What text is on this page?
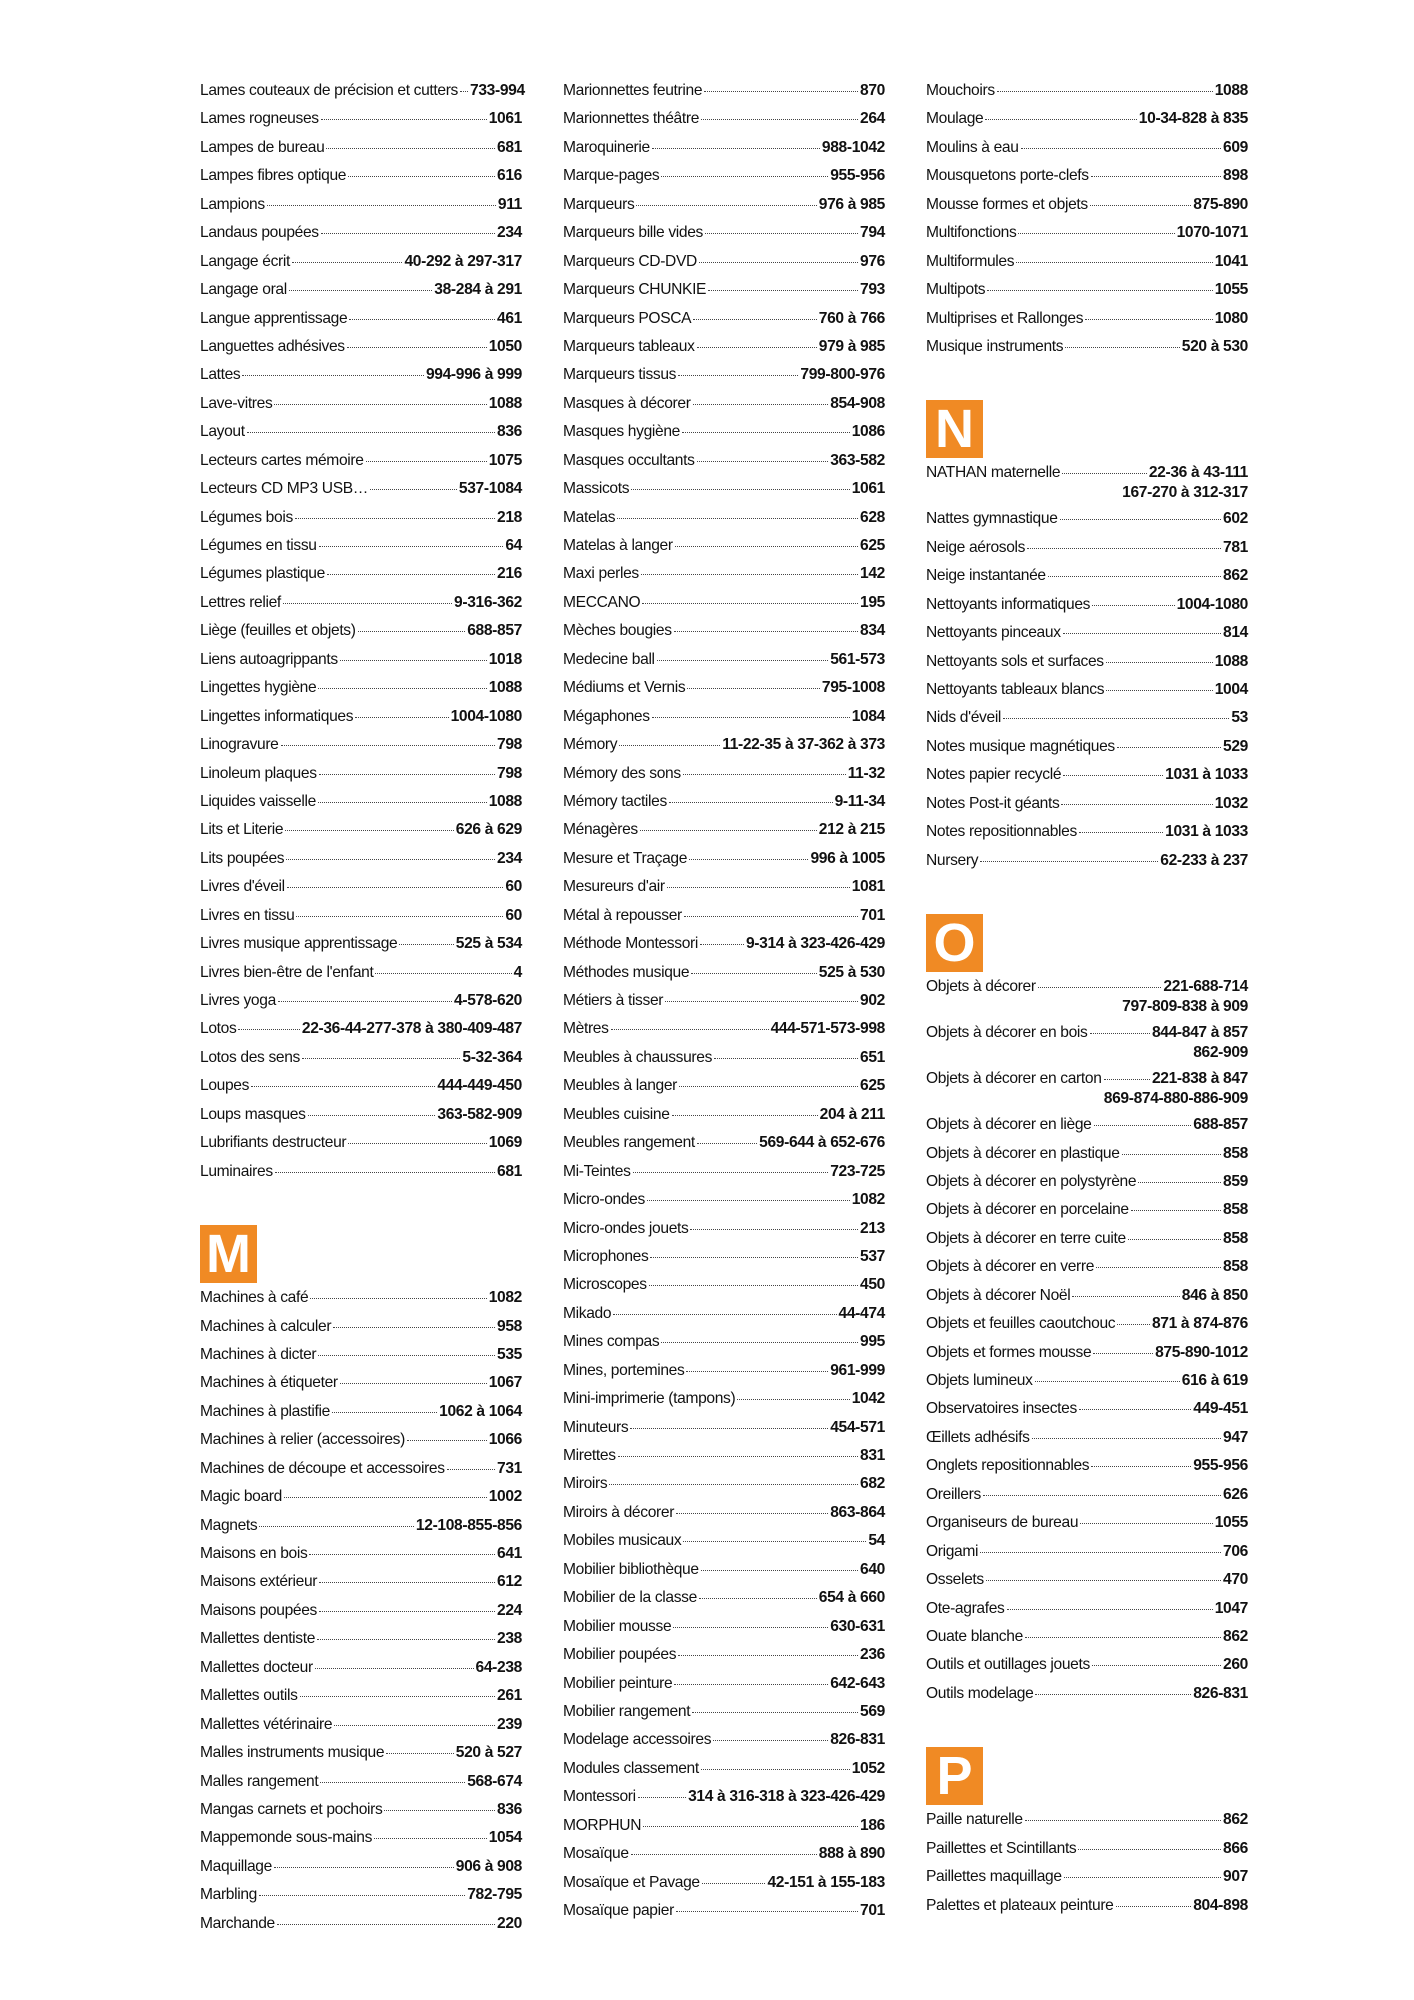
Lames couteaux de précision et cutters 733-994
Lames rogneuses	1061
Lampes de bureau	681
Lampes fibres optique	616
Lampions	911
Landaus poupées	234
Langage écrit	40-292 à 297-317
Langage oral	38-284 à 291
Langue apprentissage	461
Languettes adhésives	1050
Lattes	994-996 à 999
Lave-vitres	1088
Layout	836
Lecteurs cartes mémoire	1075
Lecteurs CD MP3 USB…	537-1084
Légumes bois	218
Légumes en tissu	64
Légumes plastique	216
Lettres relief	9-316-362
Liège (feuilles et objets)	688-857
Liens autoagrippants	1018
Lingettes hygiène	1088
Lingettes informatiques	1004-1080
Linogravure	798
Linoleum plaques	798
Liquides vaisselle	1088
Lits et Literie	626 à 629
Lits poupées	234
Livres d'éveil	60
Livres en tissu	60
Livres musique apprentissage	525 à 534
Livres bien-être de l'enfant	4
Livres yoga	4-578-620
Lotos	22-36-44-277-378 à 380-409-487
Lotos des sens	5-32-364
Loupes	444-449-450
Loups masques	363-582-909
Lubrifiants destructeur	1069
Luminaires	681
M
Machines à café	1082
Machines à calculer	958
Machines à dicter	535
Machines à étiqueter	1067
Machines à plastifie	1062 à 1064
Machines à relier (accessoires)	1066
Machines de découpe et accessoires	731
Magic board	1002
Magnets	12-108-855-856
Maisons en bois	641
Maisons extérieur	612
Maisons poupées	224
Mallettes dentiste	238
Mallettes docteur	64-238
Mallettes outils	261
Mallettes vétérinaire	239
Malles instruments musique	520 à 527
Malles rangement	568-674
Mangas carnets et pochoirs	836
Mappemonde sous-mains	1054
Maquillage	906 à 908
Marbling	782-795
Marchande	220
Marionnettes feutrine	870
Marionnettes théâtre	264
Maroquinerie	988-1042
Marque-pages	955-956
Marqueurs	976 à 985
Marqueurs bille vides	794
Marqueurs CD-DVD	976
Marqueurs CHUNKIE	793
Marqueurs POSCA	760 à 766
Marqueurs tableaux	979 à 985
Marqueurs tissus	799-800-976
Masques à décorer	854-908
Masques hygiène	1086
Masques occultants	363-582
Massicots	1061
Matelas	628
Matelas à langer	625
Maxi perles	142
MECCANO	195
Mèches bougies	834
Medecine ball	561-573
Médiums et Vernis	795-1008
Mégaphones	1084
Mémory	11-22-35 à 37-362 à 373
Mémory des sons	11-32
Mémory tactiles	9-11-34
Ménagères	212 à 215
Mesure et Traçage	996 à 1005
Mesureurs d'air	1081
Métal à repousser	701
Méthode Montessori	9-314 à 323-426-429
Méthodes musique	525 à 530
Métiers à tisser	902
Mètres	444-571-573-998
Meubles à chaussures	651
Meubles à langer	625
Meubles cuisine	204 à 211
Meubles rangement	569-644 à 652-676
Mi-Teintes	723-725
Micro-ondes	1082
Micro-ondes jouets	213
Microphones	537
Microscopes	450
Mikado	44-474
Mines compas	995
Mines, portemines	961-999
Mini-imprimerie (tampons)	1042
Minuteurs	454-571
Mirettes	831
Miroirs	682
Miroirs à décorer	863-864
Mobiles musicaux	54
Mobilier bibliothèque	640
Mobilier de la classe	654 à 660
Mobilier mousse	630-631
Mobilier poupées	236
Mobilier peinture	642-643
Mobilier rangement	569
Modelage accessoires	826-831
Modules classement	1052
Montessori	314 à 316-318 à 323-426-429
MORPHUN	186
Mosaïque	888 à 890
Mosaïque et Pavage	42-151 à 155-183
Mosaïque papier	701
Mouchoirs	1088
Moulage	10-34-828 à 835
Moulins à eau	609
Mousquetons porte-clefs	898
Mousse formes et objets	875-890
Multifonctions	1070-1071
Multiformules	1041
Multipots	1055
Multiprises et Rallonges	1080
Musique instruments	520 à 530
N
NATHAN maternelle	22-36 à 43-111
167-270 à 312-317
Nattes gymnastique	602
Neige aérosols	781
Neige instantanée	862
Nettoyants informatiques	1004-1080
Nettoyants pinceaux	814
Nettoyants sols et surfaces	1088
Nettoyants tableaux blancs	1004
Nids d'éveil	53
Notes musique magnétiques	529
Notes papier recyclé	1031 à 1033
Notes Post-it géants	1032
Notes repositionnables	1031 à 1033
Nursery	62-233 à 237
O
Objets à décorer	221-688-714
797-809-838 à 909
Objets à décorer en bois	844-847 à 857
862-909
Objets à décorer en carton	221-838 à 847
869-874-880-886-909
Objets à décorer en liège	688-857
Objets à décorer en plastique	858
Objets à décorer en polystyrène	859
Objets à décorer en porcelaine	858
Objets à décorer en terre cuite	858
Objets à décorer en verre	858
Objets à décorer Noël	846 à 850
Objets et feuilles caoutchouc 871 à 874-876
Objets et formes mousse	875-890-1012
Objets lumineux	616 à 619
Observatoires insectes	449-451
Œillets adhésifs	947
Onglets repositionnables	955-956
Oreillers	626
Organiseurs de bureau	1055
Origami	706
Osselets	470
Ote-agrafes	1047
Ouate blanche	862
Outils et outillages jouets	260
Outils modelage	826-831
P
Paille naturelle	862
Paillettes et Scintillants	866
Paillettes maquillage	907
Palettes et plateaux peinture	804-898
